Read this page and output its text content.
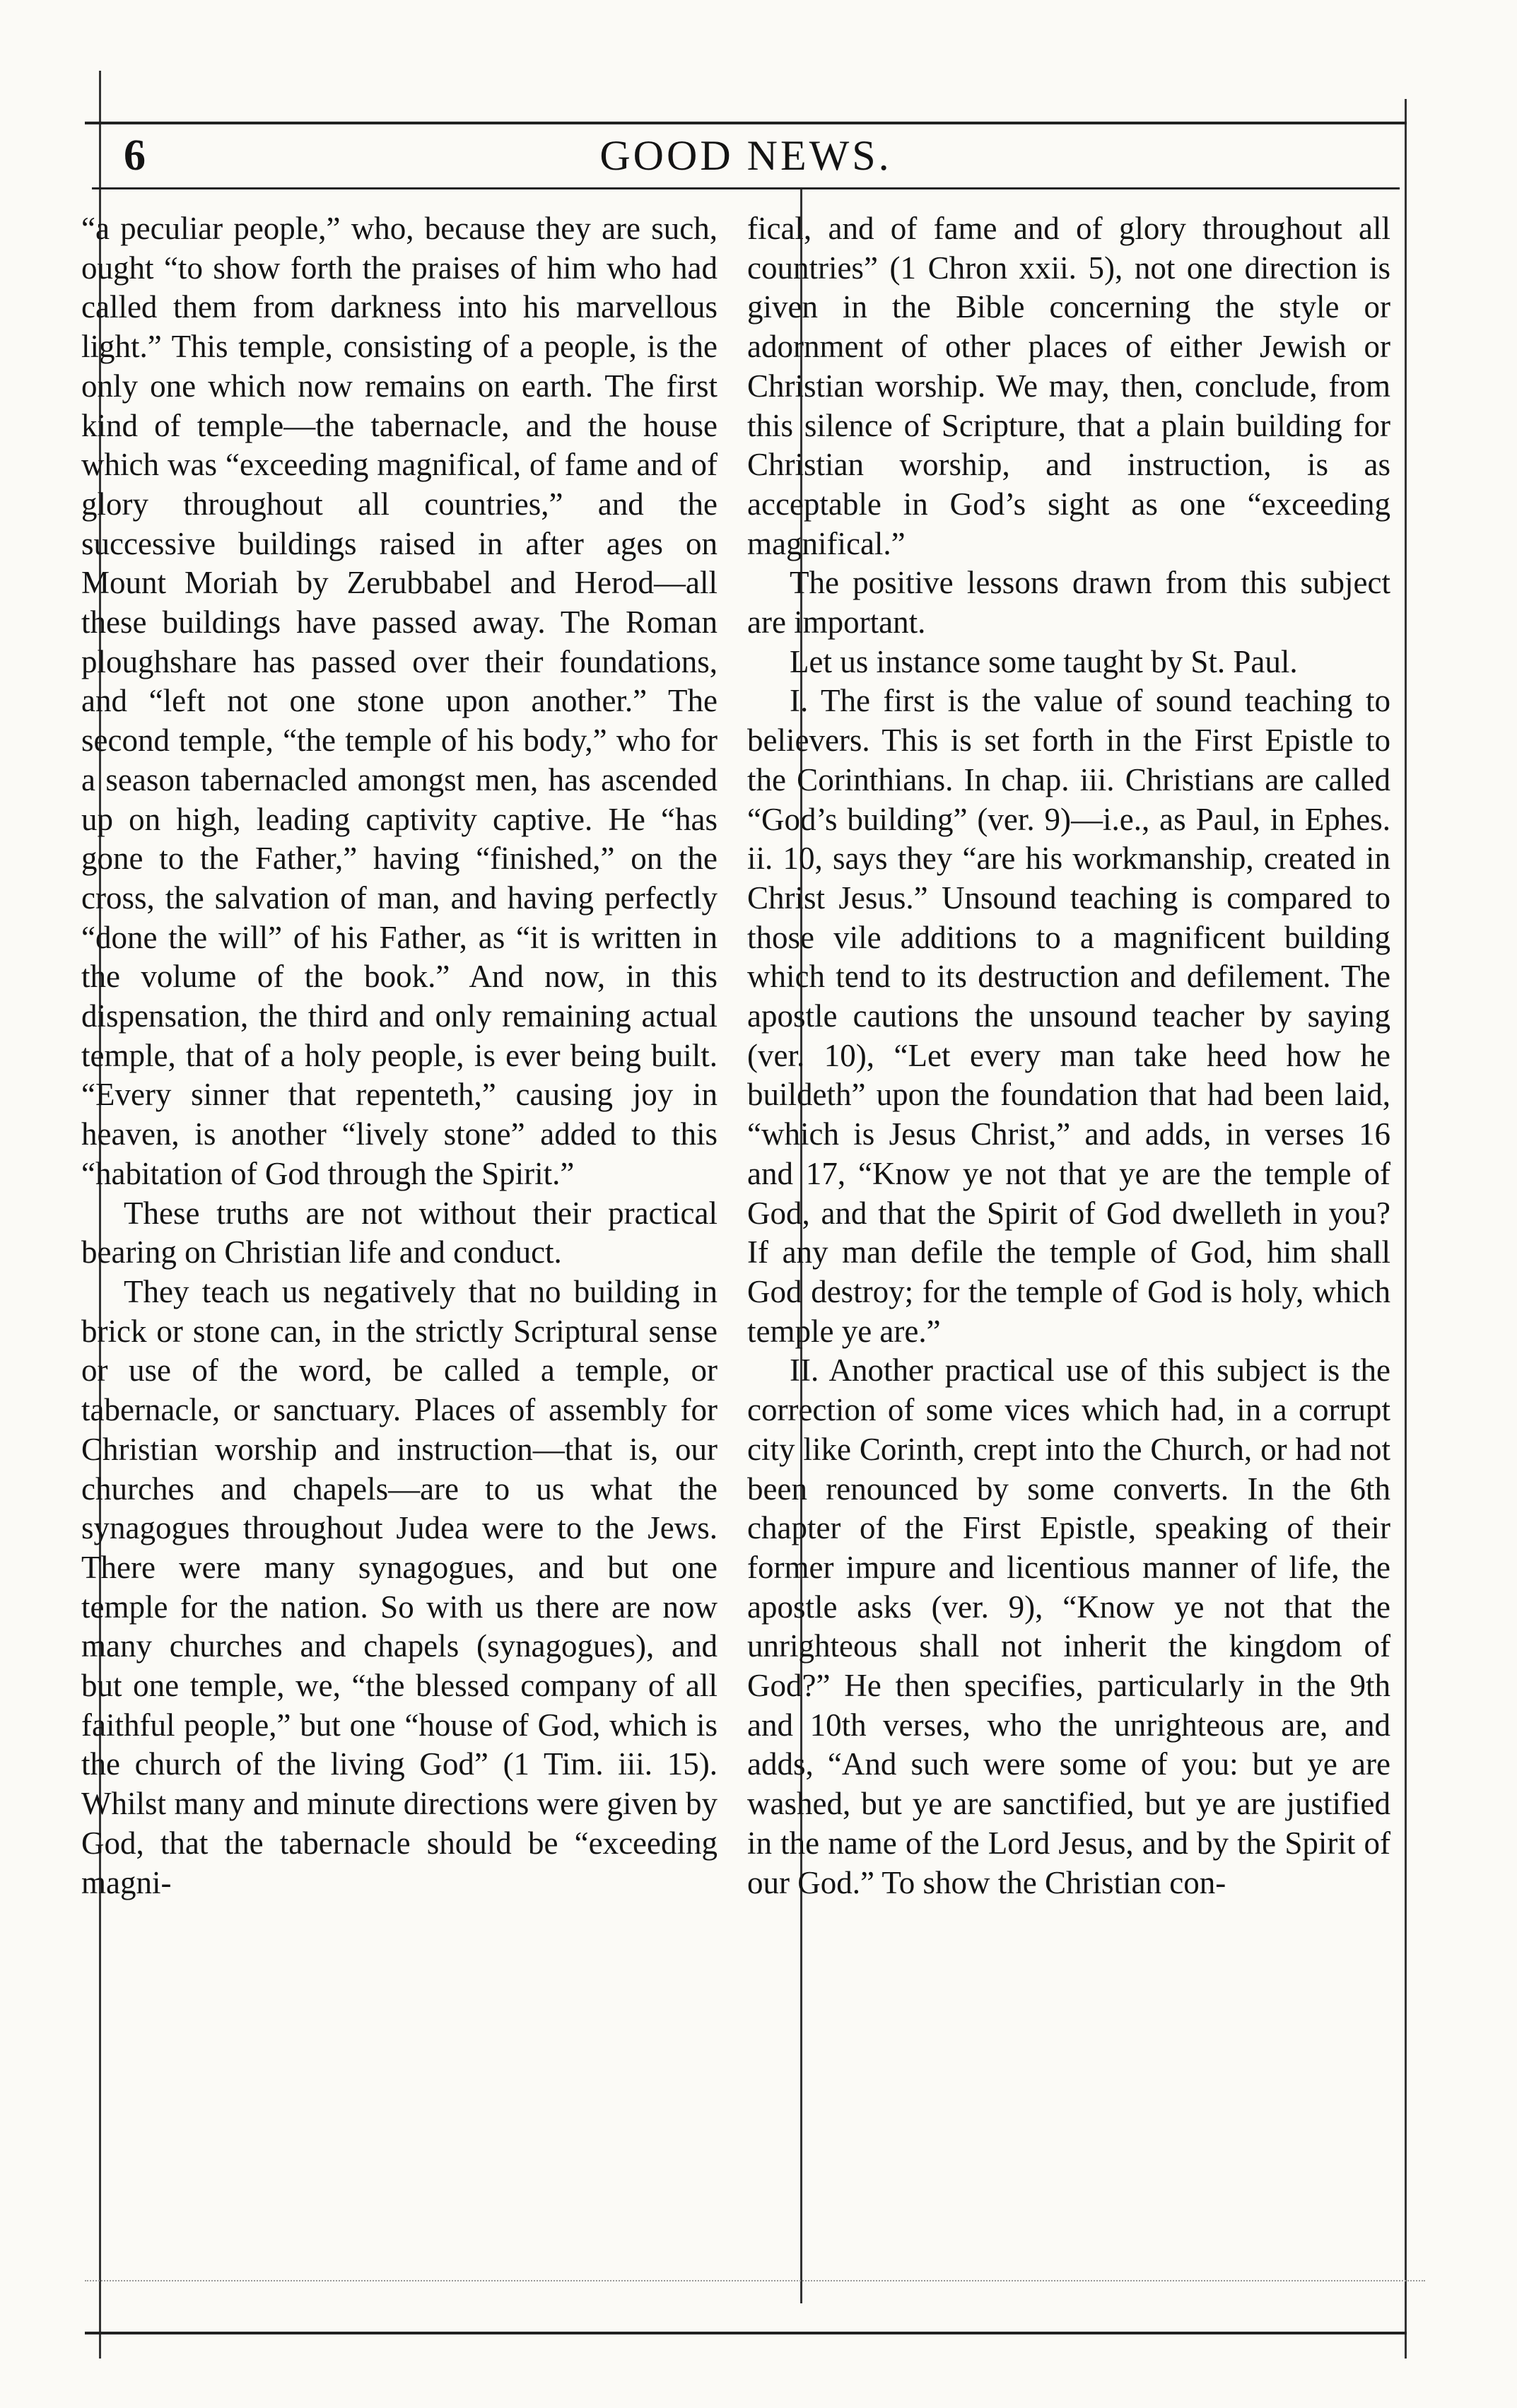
6	GOOD NEWS.

“a peculiar people,” who, because they are such, ought “to show forth the praises of him who had called them from darkness into his marvellous light.” This temple, consisting of a people, is the only one which now remains on earth. The first kind of temple—the tabernacle, and the house which was “exceeding magnifical, of fame and of glory throughout all countries,” and the successive buildings raised in after ages on Mount Moriah by Zerubbabel and Herod—all these buildings have passed away. The Roman ploughshare has passed over their foundations, and “left not one stone upon another.” The second temple, “the temple of his body,” who for a season tabernacled amongst men, has ascended up on high, leading captivity captive. He “has gone to the Father,” having “finished,” on the cross, the salvation of man, and having perfectly “done the will” of his Father, as “it is written in the volume of the book.” And now, in this dispensation, the third and only remaining actual temple, that of a holy people, is ever being built. “Every sinner that repenteth,” causing joy in heaven, is another “lively stone” added to this “habitation of God through the Spirit.”

These truths are not without their practical bearing on Christian life and conduct.

They teach us negatively that no building in brick or stone can, in the strictly Scriptural sense or use of the word, be called a temple, or tabernacle, or sanctuary. Places of assembly for Christian worship and instruction—that is, our churches and chapels—are to us what the synagogues throughout Judea were to the Jews. There were many synagogues, and but one temple for the nation. So with us there are now many churches and chapels (synagogues), and but one temple, we, “the blessed company of all faithful people,” but one “house of God, which is the church of the living God” (1 Tim. iii. 15). Whilst many and minute directions were given by God, that the tabernacle should be “exceeding magni-

fical, and of fame and of glory throughout all countries” (1 Chron xxii. 5), not one direction is given in the Bible concerning the style or adornment of other places of either Jewish or Christian worship. We may, then, conclude, from this silence of Scripture, that a plain building for Christian worship, and instruction, is as acceptable in God’s sight as one “exceeding magnifical.”

The positive lessons drawn from this subject are important.

Let us instance some taught by St. Paul.

I. The first is the value of sound teaching to believers. This is set forth in the First Epistle to the Corinthians. In chap. iii. Christians are called “God’s building” (ver. 9)—i.e., as Paul, in Ephes. ii. 10, says they “are his workmanship, created in Christ Jesus.” Unsound teaching is compared to those vile additions to a magnificent building which tend to its destruction and defilement. The apostle cautions the unsound teacher by saying (ver. 10), “Let every man take heed how he buildeth” upon the foundation that had been laid, “which is Jesus Christ,” and adds, in verses 16 and 17, “Know ye not that ye are the temple of God, and that the Spirit of God dwelleth in you? If any man defile the temple of God, him shall God destroy; for the temple of God is holy, which temple ye are.”

II. Another practical use of this subject is the correction of some vices which had, in a corrupt city like Corinth, crept into the Church, or had not been renounced by some converts. In the 6th chapter of the First Epistle, speaking of their former impure and licentious manner of life, the apostle asks (ver. 9), “Know ye not that the unrighteous shall not inherit the kingdom of God?” He then specifies, particularly in the 9th and 10th verses, who the unrighteous are, and adds, “And such were some of you: but ye are washed, but ye are sanctified, but ye are justified in the name of the Lord Jesus, and by the Spirit of our God.” To show the Christian con-
